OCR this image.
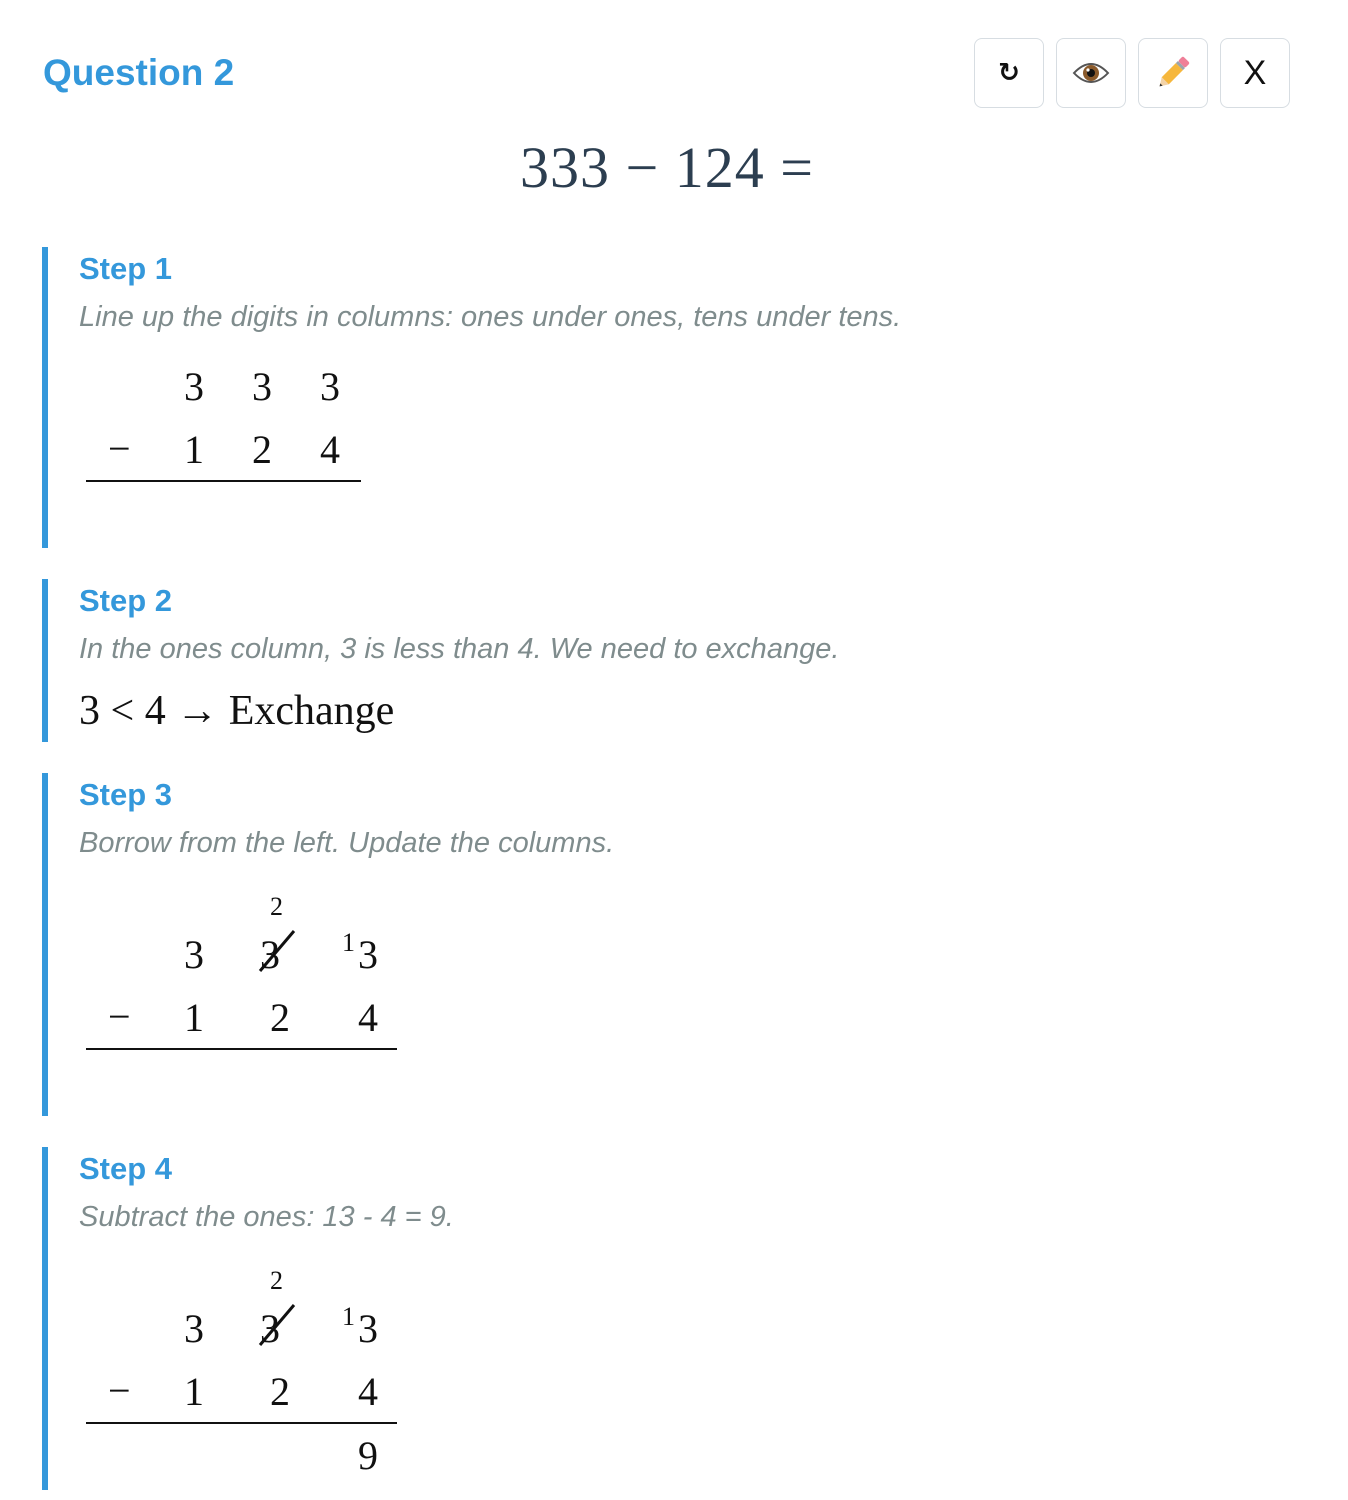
Question 2	↻	X
333 − 124 =
Step 1
Line up the digits in columns: ones under ones, tens under tens.
3 3 3
− 1 2 4
Step 2
In the ones column, 3 is less than 4. We need to exchange.
3 < 4 → Exchange
Step 3
Borrow from the left. Update the columns.
2
3 3 1 3
− 1 2 4
Step 4
Subtract the ones: 13 - 4 = 9.
2
3 3 1 3
− 1 2 4
9
